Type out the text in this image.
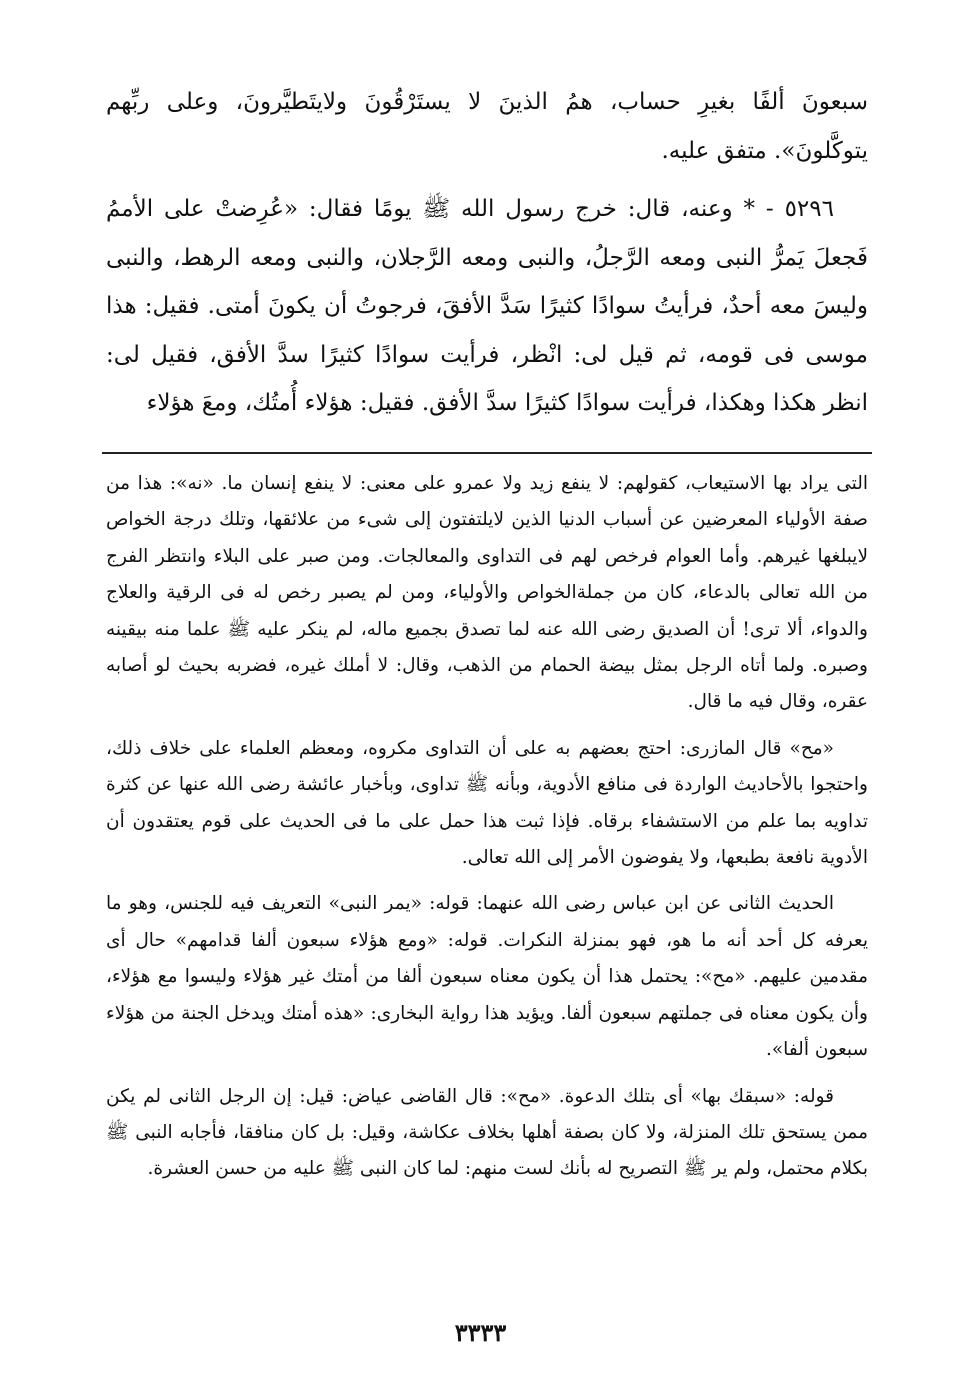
سبعونَ ألفًا بغيرِ حساب، همُ الذينَ لا يستَرْقُونَ ولايتَطيَّرونَ، وعلى ربِّهم يتوكَّلونَ». متفق عليه.

٥٢٩٦ - * وعنه، قال: خرج رسول الله ﷺ يومًا فقال: «عُرِضتْ على الأممُ فَجعلَ يَمرُّ النبى ومعه الرَّجلُ، والنبى ومعه الرَّجلان، والنبى ومعه الرهط، والنبى وليسَ معه أحدٌ، فرأيتُ سوادًا كثيرًا سَدَّ الأفقَ، فرجوتُ أن يكونَ أمتى. فقيل: هذا موسى فى قومه، ثم قيل لى: انْظر، فرأيت سوادًا كثيرًا سدَّ الأفق، فقيل لى: انظر هكذا وهكذا، فرأيت سوادًا كثيرًا سدَّ الأفق. فقيل: هؤلاء أُمتُك، ومعَ هؤلاء

التى يراد بها الاستيعاب، كقولهم: لا ينفع زيد ولا عمرو على معنى: لا ينفع إنسان ما. «نه»: هذا من صفة الأولياء المعرضين عن أسباب الدنيا الذين لايلتفتون إلى شىء من علائقها، وتلك درجة الخواص لايبلغها غيرهم. وأما العوام فرخص لهم فى التداوى والمعالجات. ومن صبر على البلاء وانتظر الفرج من الله تعالى بالدعاء، كان من جملةالخواص والأولياء، ومن لم يصبر رخص له فى الرقية والعلاج والدواء، ألا ترى! أن الصديق رضى الله عنه لما تصدق بجميع ماله، لم ينكر عليه ﷺ علما منه بيقينه وصبره. ولما أتاه الرجل بمثل بيضة الحمام من الذهب، وقال: لا أملك غيره، فضربه بحيث لو أصابه عقره، وقال فيه ما قال.

«مح» قال المازرى: احتج بعضهم به على أن التداوى مكروه، ومعظم العلماء على خلاف ذلك، واحتجوا بالأحاديث الواردة فى منافع الأدوية، وبأنه ﷺ تداوى، وبأخبار عائشة رضى الله عنها عن كثرة تداويه بما علم من الاستشفاء برقاه. فإذا ثبت هذا حمل على ما فى الحديث على قوم يعتقدون أن الأدوية نافعة بطبعها، ولا يفوضون الأمر إلى الله تعالى.

الحديث الثانى عن ابن عباس رضى الله عنهما: قوله: «يمر النبى» التعريف فيه للجنس، وهو ما يعرفه كل أحد أنه ما هو، فهو بمنزلة النكرات. قوله: «ومع هؤلاء سبعون ألفا قدامهم» حال أى مقدمين عليهم. «مح»: يحتمل هذا أن يكون معناه سبعون ألفا من أمتك غير هؤلاء وليسوا مع هؤلاء، وأن يكون معناه فى جملتهم سبعون ألفا. ويؤيد هذا رواية البخارى: «هذه أمتك ويدخل الجنة من هؤلاء سبعون ألفا».

قوله: «سبقك بها» أى بتلك الدعوة. «مح»: قال القاضى عياض: قيل: إن الرجل الثانى لم يكن ممن يستحق تلك المنزلة، ولا كان بصفة أهلها بخلاف عكاشة، وقيل: بل كان منافقا، فأجابه النبى ﷺ بكلام محتمل، ولم ير ﷺ التصريح له بأنك لست منهم: لما كان النبى ﷺ عليه من حسن العشرة.

٣٣٣٣
